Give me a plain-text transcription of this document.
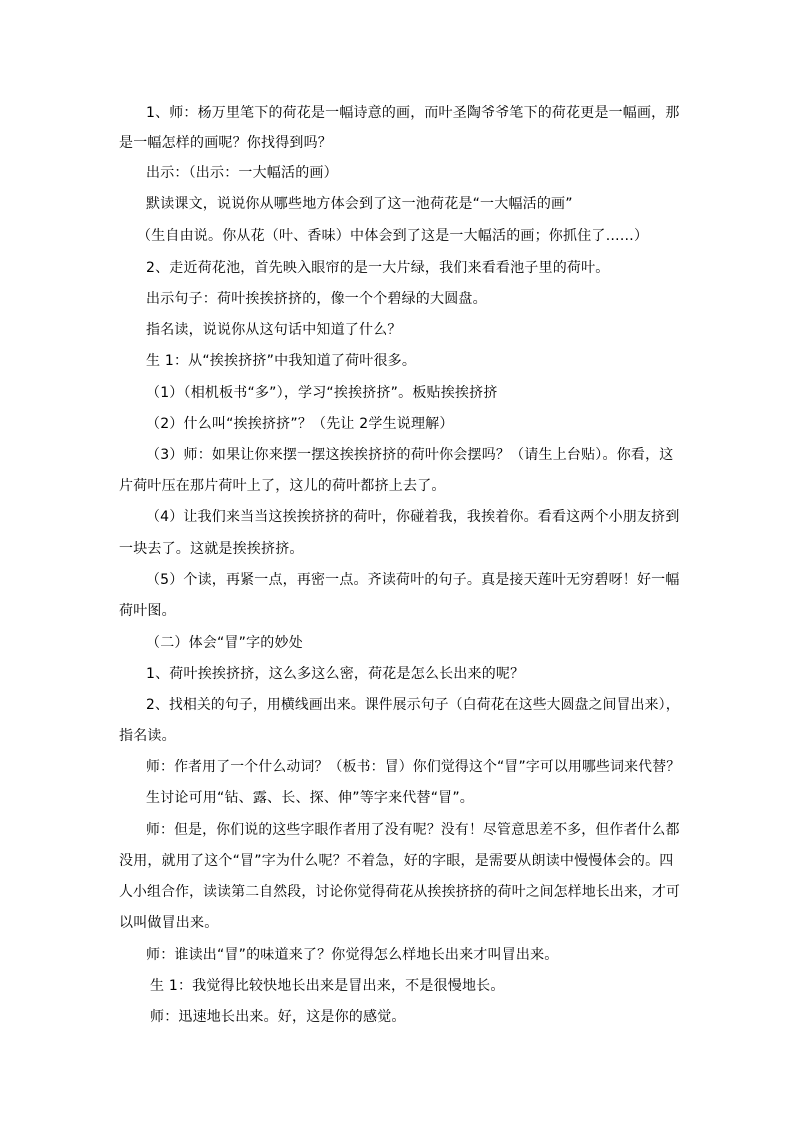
1、师：杨万里笔下的荷花是一幅诗意的画，而叶圣陶爷爷笔下的荷花更是一幅画，那
是一幅怎样的画呢？你找得到吗？
出示：（出示：一大幅活的画）
默读课文，说说你从哪些地方体会到了这一池荷花是“一大幅活的画”
（生自由说。你从花（叶、香味）中体会到了这是一大幅活的画；你抓住了……）
2、走近荷花池，首先映入眼帘的是一大片绿，我们来看看池子里的荷叶。
出示句子：荷叶挨挨挤挤的，像一个个碧绿的大圆盘。
指名读，说说你从这句话中知道了什么？
生 1：从“挨挨挤挤”中我知道了荷叶很多。
（1）（相机板书“多”），学习“挨挨挤挤”。板贴挨挨挤挤
（2）什么叫“挨挨挤挤”？（先让 2学生说理解）
（3）师：如果让你来摆一摆这挨挨挤挤的荷叶你会摆吗？（请生上台贴）。你看，这
片荷叶压在那片荷叶上了，这儿的荷叶都挤上去了。
（4）让我们来当当这挨挨挤挤的荷叶，你碰着我，我挨着你。看看这两个小朋友挤到
一块去了。这就是挨挨挤挤。
（5）个读，再紧一点，再密一点。齐读荷叶的句子。真是接天莲叶无穷碧呀！好一幅
荷叶图。
（二）体会“冒”字的妙处
1、荷叶挨挨挤挤，这么多这么密，荷花是怎么长出来的呢？
2、找相关的句子，用横线画出来。课件展示句子（白荷花在这些大圆盘之间冒出来），
指名读。
师：作者用了一个什么动词？（板书：冒）你们觉得这个“冒”字可以用哪些词来代替？
生讨论可用“钻、露、长、探、伸”等字来代替“冒”。
师：但是，你们说的这些字眼作者用了没有呢？没有！尽管意思差不多，但作者什么都
没用，就用了这个“冒”字为什么呢？不着急，好的字眼，是需要从朗读中慢慢体会的。四
人小组合作，读读第二自然段，讨论你觉得荷花从挨挨挤挤的荷叶之间怎样地长出来，才可
以叫做冒出来。
师：谁读出“冒”的味道来了？你觉得怎么样地长出来才叫冒出来。
生 1：我觉得比较快地长出来是冒出来，不是很慢地长。
师：迅速地长出来。好，这是你的感觉。
